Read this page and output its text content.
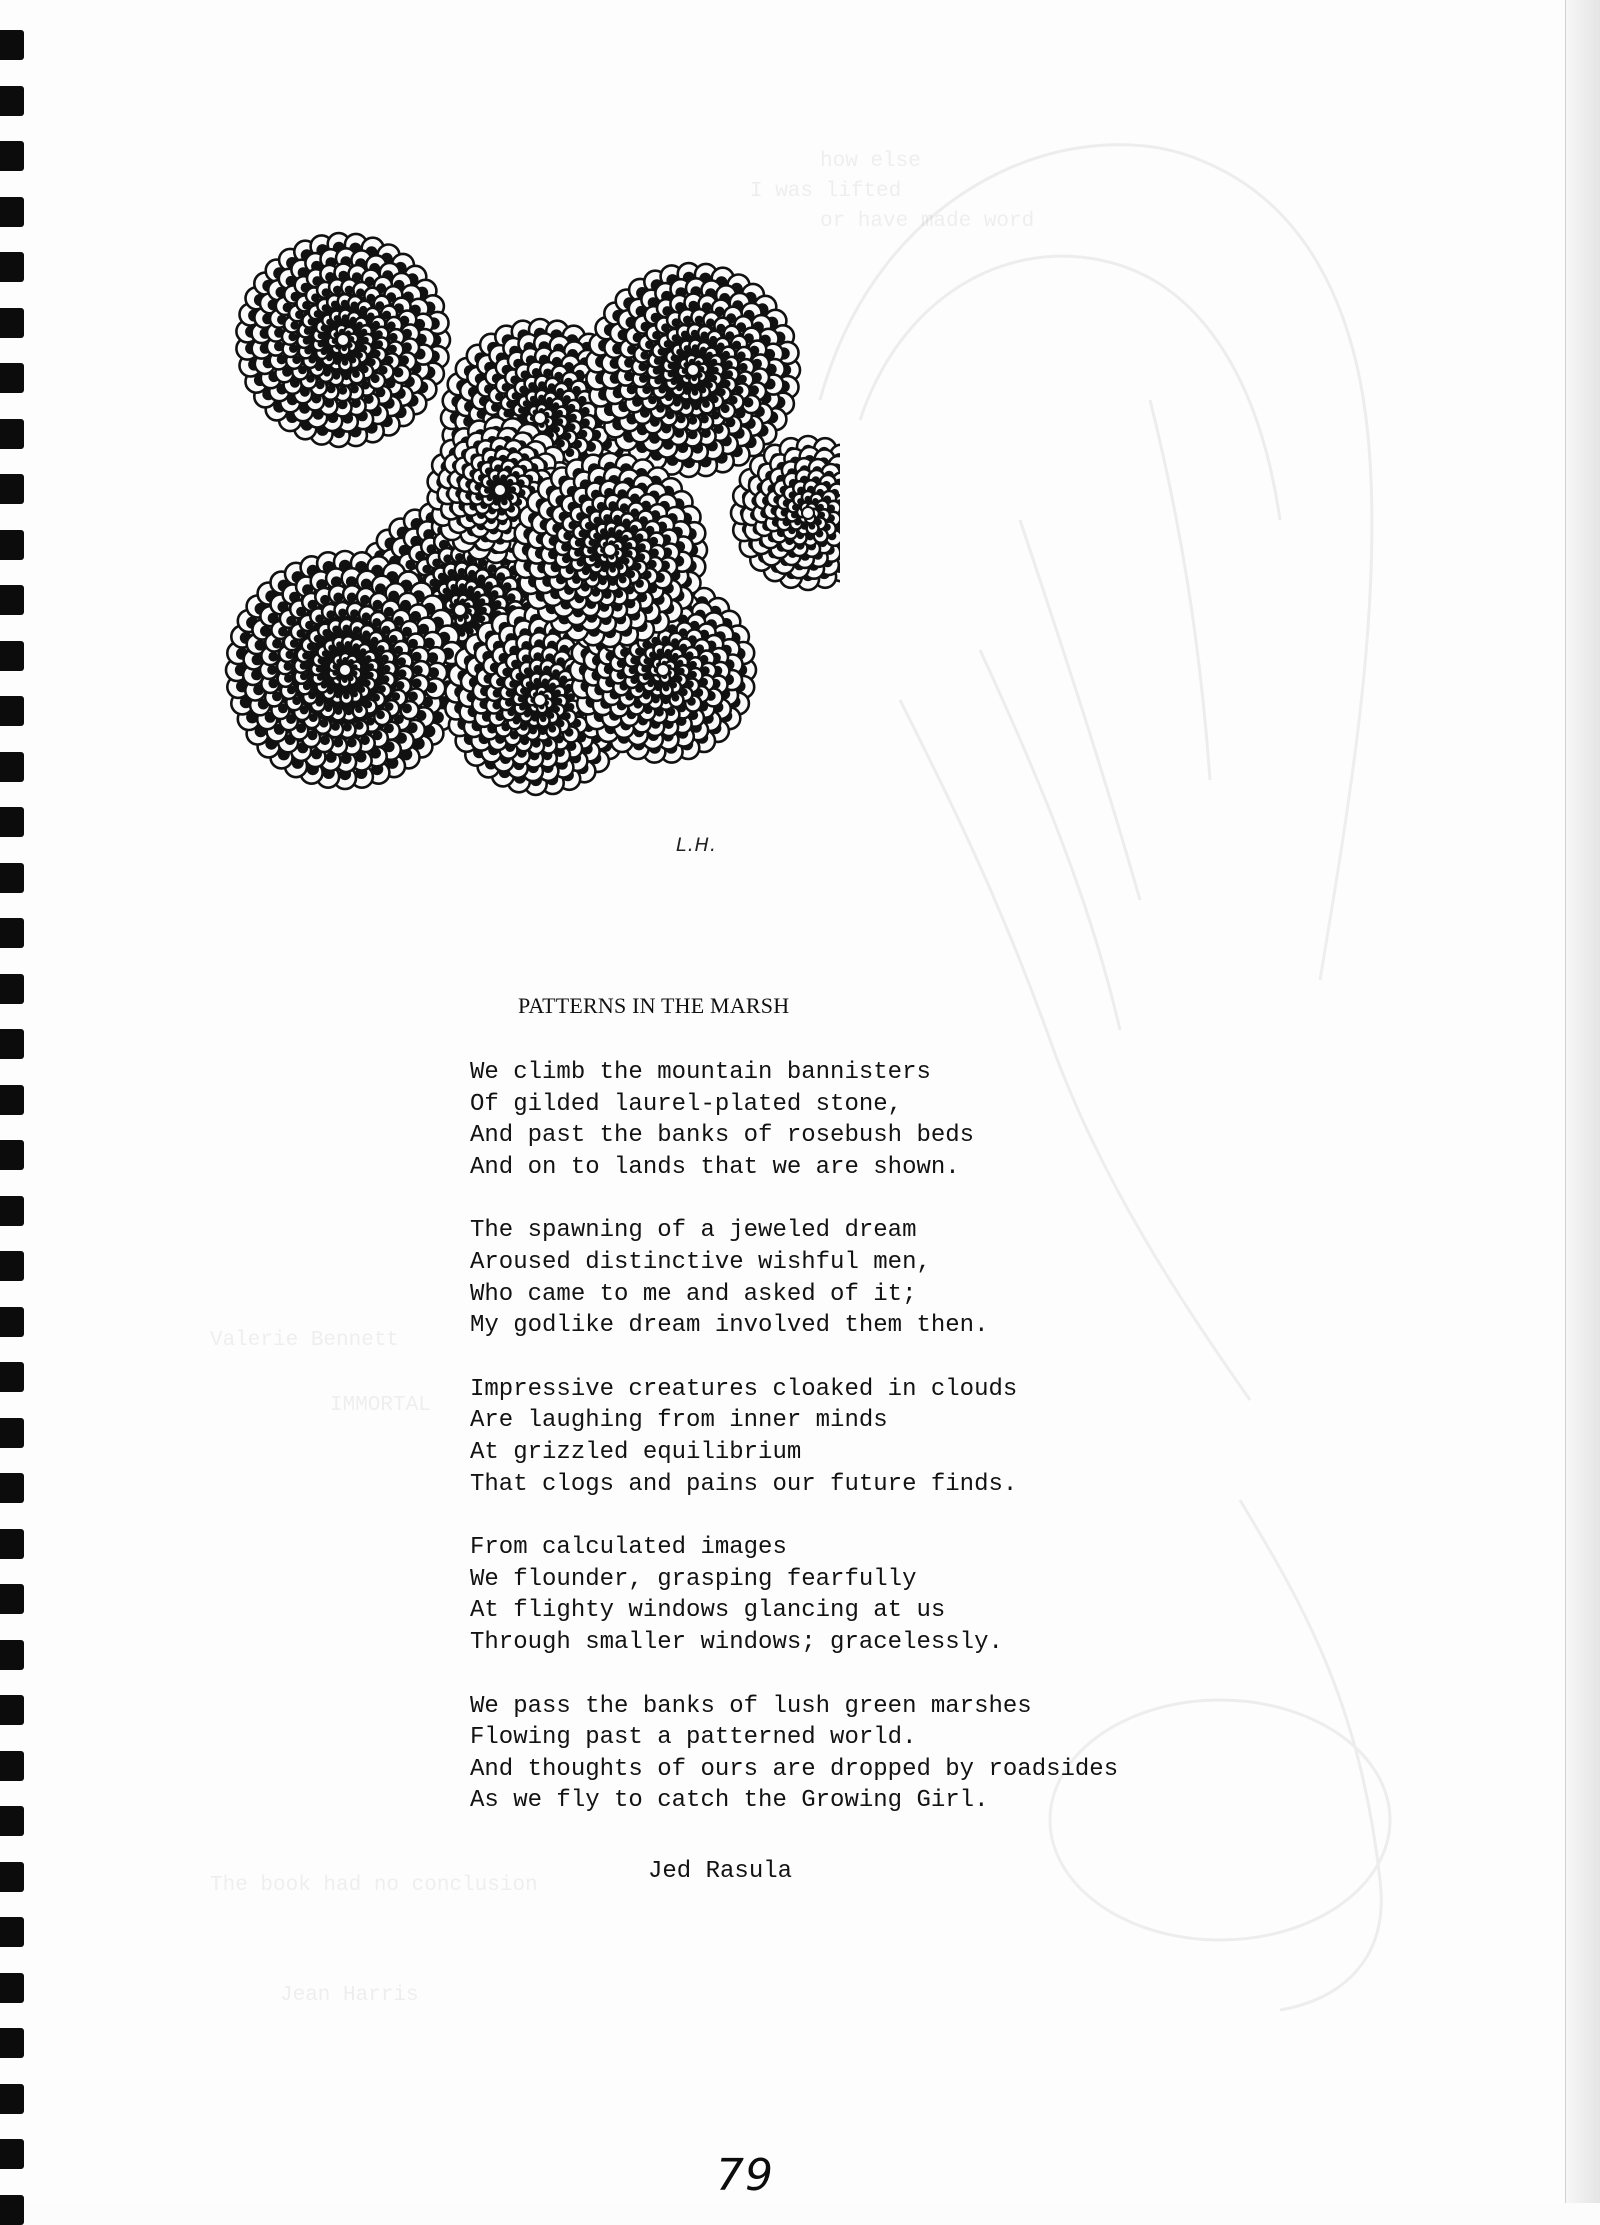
how else
I was lifted
or have made word
Valerie Bennett
IMMORTAL
The book had no conclusion
Jean Harris
L.H.
PATTERNS IN THE MARSH
We climb the mountain bannisters
Of gilded laurel-plated stone,
And past the banks of rosebush beds
And on to lands that we are shown.
The spawning of a jeweled dream
Aroused distinctive wishful men,
Who came to me and asked of it;
My godlike dream involved them then.
Impressive creatures cloaked in clouds
Are laughing from inner minds
At grizzled equilibrium
That clogs and pains our future finds.
From calculated images
We flounder, grasping fearfully
At flighty windows glancing at us
Through smaller windows; gracelessly.
We pass the banks of lush green marshes
Flowing past a patterned world.
And thoughts of ours are dropped by roadsides
As we fly to catch the Growing Girl.
Jed Rasula
79
